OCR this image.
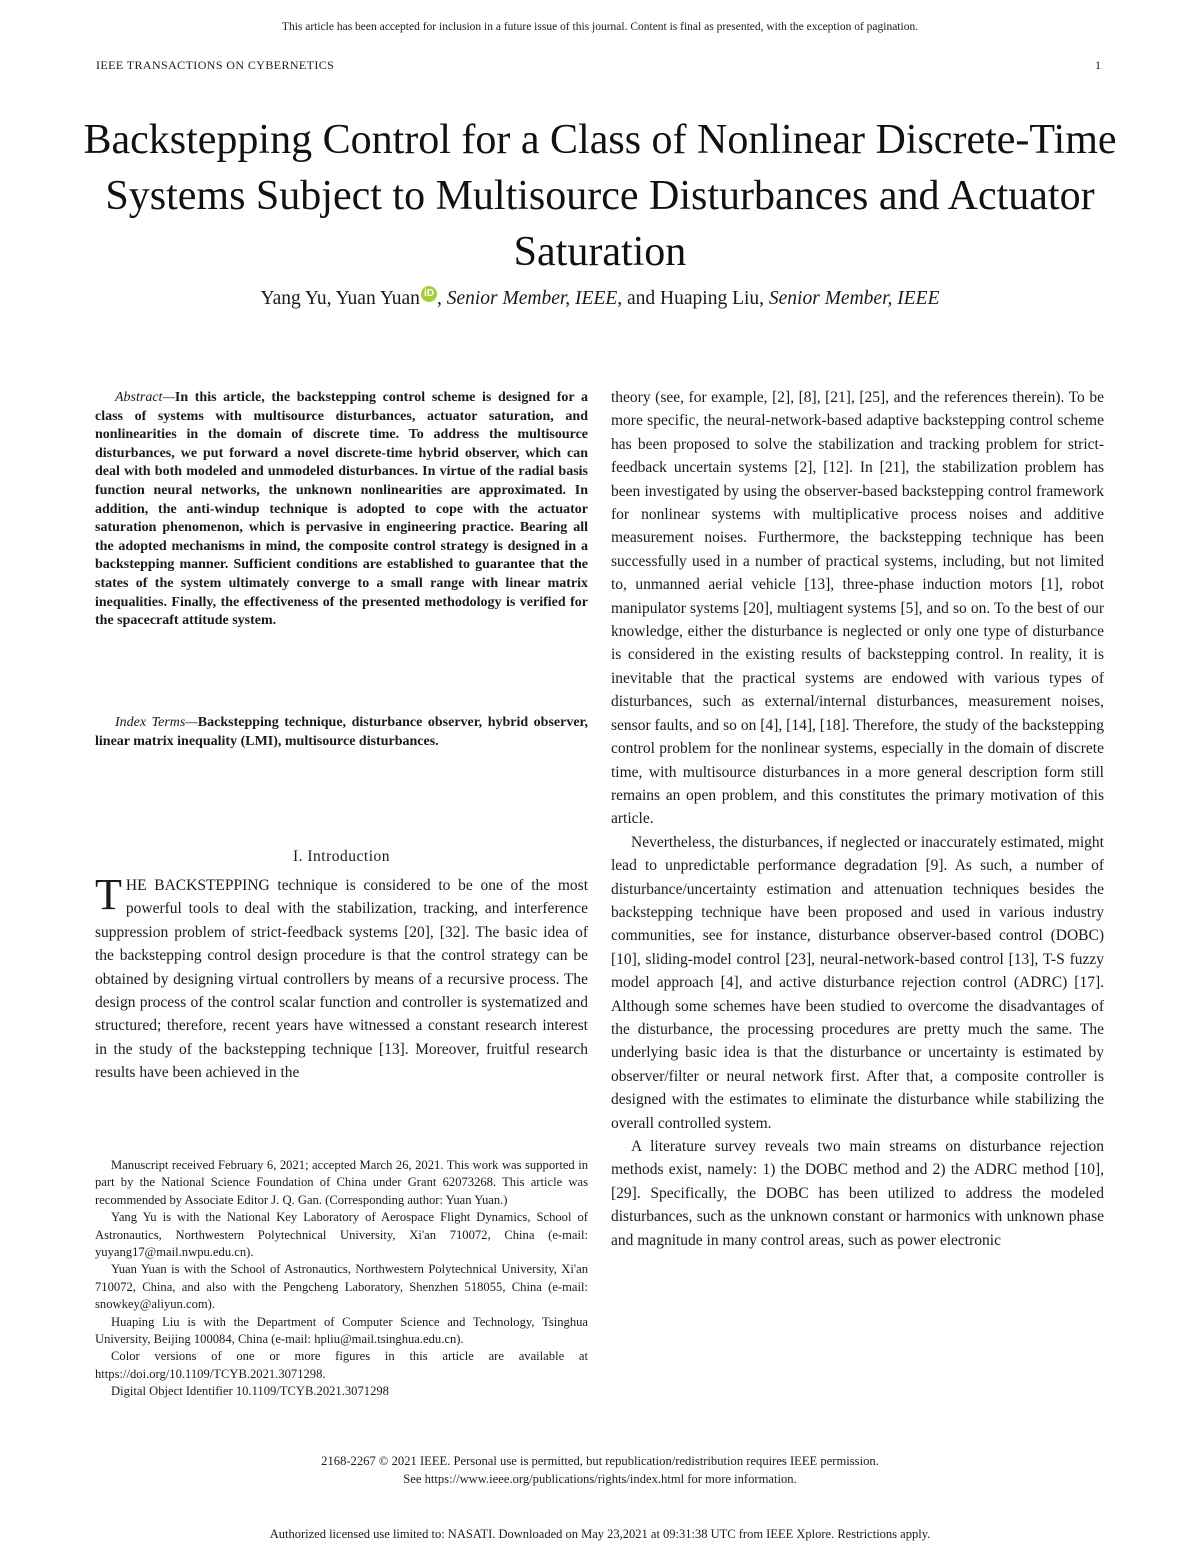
This article has been accepted for inclusion in a future issue of this journal. Content is final as presented, with the exception of pagination.
IEEE TRANSACTIONS ON CYBERNETICS	1
Backstepping Control for a Class of Nonlinear Discrete-Time Systems Subject to Multisource Disturbances and Actuator Saturation
Yang Yu, Yuan Yuan iD , Senior Member, IEEE, and Huaping Liu, Senior Member, IEEE
Abstract—In this article, the backstepping control scheme is designed for a class of systems with multisource disturbances, actuator saturation, and nonlinearities in the domain of discrete time. To address the multisource disturbances, we put forward a novel discrete-time hybrid observer, which can deal with both modeled and unmodeled disturbances. In virtue of the radial basis function neural networks, the unknown nonlinearities are approximated. In addition, the anti-windup technique is adopted to cope with the actuator saturation phenomenon, which is pervasive in engineering practice. Bearing all the adopted mechanisms in mind, the composite control strategy is designed in a backstepping manner. Sufficient conditions are established to guarantee that the states of the system ultimately converge to a small range with linear matrix inequalities. Finally, the effectiveness of the presented methodology is verified for the spacecraft attitude system.
Index Terms—Backstepping technique, disturbance observer, hybrid observer, linear matrix inequality (LMI), multisource disturbances.
I. Introduction
THE BACKSTEPPING technique is considered to be one of the most powerful tools to deal with the stabilization, tracking, and interference suppression problem of strict-feedback systems [20], [32]. The basic idea of the backstepping control design procedure is that the control strategy can be obtained by designing virtual controllers by means of a recursive process. The design process of the control scalar function and controller is systematized and structured; therefore, recent years have witnessed a constant research interest in the study of the backstepping technique [13]. Moreover, fruitful research results have been achieved in the

Manuscript received February 6, 2021; accepted March 26, 2021. This work was supported in part by the National Science Foundation of China under Grant 62073268. This article was recommended by Associate Editor J. Q. Gan. (Corresponding author: Yuan Yuan.)

Yang Yu is with the National Key Laboratory of Aerospace Flight Dynamics, School of Astronautics, Northwestern Polytechnical University, Xi'an 710072, China (e-mail: yuyang17@mail.nwpu.edu.cn).

Yuan Yuan is with the School of Astronautics, Northwestern Polytechnical University, Xi'an 710072, China, and also with the Pengcheng Laboratory, Shenzhen 518055, China (e-mail: snowkey@aliyun.com).

Huaping Liu is with the Department of Computer Science and Technology, Tsinghua University, Beijing 100084, China (e-mail: hpliu@mail.tsinghua.edu.cn).

Color versions of one or more figures in this article are available at https://doi.org/10.1109/TCYB.2021.3071298.

Digital Object Identifier 10.1109/TCYB.2021.3071298

theory (see, for example, [2], [8], [21], [25], and the references therein). To be more specific, the neural-network-based adaptive backstepping control scheme has been proposed to solve the stabilization and tracking problem for strict-feedback uncertain systems [2], [12]. In [21], the stabilization problem has been investigated by using the observer-based backstepping control framework for nonlinear systems with multiplicative process noises and additive measurement noises. Furthermore, the backstepping technique has been successfully used in a number of practical systems, including, but not limited to, unmanned aerial vehicle [13], three-phase induction motors [1], robot manipulator systems [20], multiagent systems [5], and so on. To the best of our knowledge, either the disturbance is neglected or only one type of disturbance is considered in the existing results of backstepping control. In reality, it is inevitable that the practical systems are endowed with various types of disturbances, such as external/internal disturbances, measurement noises, sensor faults, and so on [4], [14], [18]. Therefore, the study of the backstepping control problem for the nonlinear systems, especially in the domain of discrete time, with multisource disturbances in a more general description form still remains an open problem, and this constitutes the primary motivation of this article.

Nevertheless, the disturbances, if neglected or inaccurately estimated, might lead to unpredictable performance degradation [9]. As such, a number of disturbance/uncertainty estimation and attenuation techniques besides the backstepping technique have been proposed and used in various industry communities, see for instance, disturbance observer-based control (DOBC) [10], sliding-model control [23], neural-network-based control [13], T-S fuzzy model approach [4], and active disturbance rejection control (ADRC) [17]. Although some schemes have been studied to overcome the disadvantages of the disturbance, the processing procedures are pretty much the same. The underlying basic idea is that the disturbance or uncertainty is estimated by observer/filter or neural network first. After that, a composite controller is designed with the estimates to eliminate the disturbance while stabilizing the overall controlled system.

A literature survey reveals two main streams on disturbance rejection methods exist, namely: 1) the DOBC method and 2) the ADRC method [10], [29]. Specifically, the DOBC has been utilized to address the modeled disturbances, such as the unknown constant or harmonics with unknown phase and magnitude in many control areas, such as power electronic

2168-2267 © 2021 IEEE. Personal use is permitted, but republication/redistribution requires IEEE permission.
See https://www.ieee.org/publications/rights/index.html for more information.
Authorized licensed use limited to: NASATI. Downloaded on May 23,2021 at 09:31:38 UTC from IEEE Xplore. Restrictions apply.
